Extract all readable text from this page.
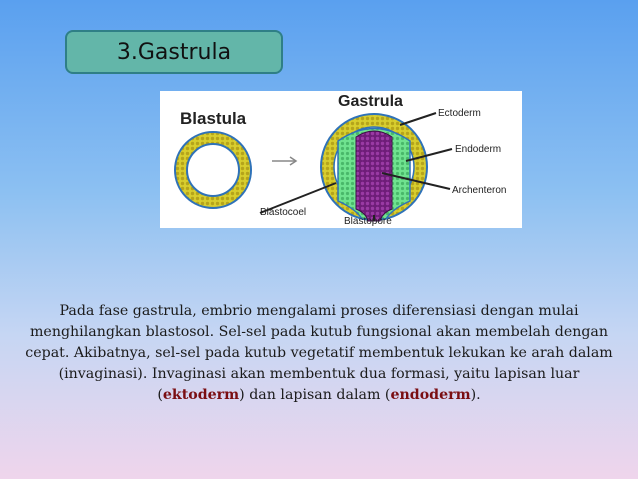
3.Gastrula
Blastula
Gastrula
Ectoderm
Endoderm
Archenteron
Blastocoel
Blastopore

Pada fase gastrula, embrio mengalami proses diferensiasi dengan mulai menghilangkan blastosol. Sel-sel pada kutub fungsional akan membelah dengan cepat. Akibatnya, sel-sel pada kutub vegetatif membentuk lekukan ke arah dalam (invaginasi). Invaginasi akan membentuk dua formasi, yaitu lapisan luar (ektoderm) dan lapisan dalam (endoderm).
